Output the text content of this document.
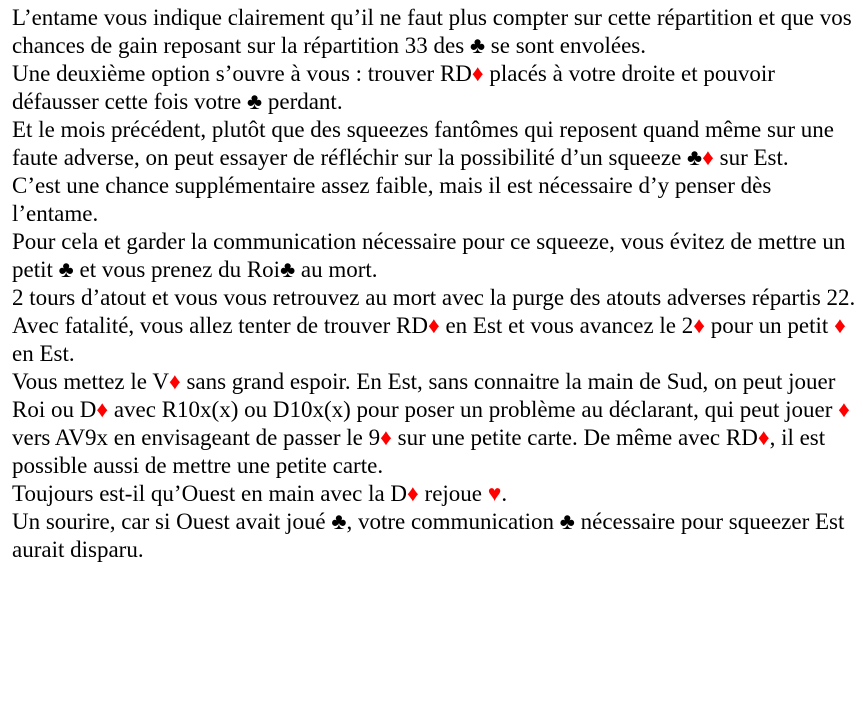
L’entame vous indique clairement qu’il ne faut plus compter sur cette répartition et que vos chances de gain reposant sur la répartition 33 des ♣ se sont envolées.

Une deuxième option s’ouvre à vous : trouver RD♦ placés à votre droite et pouvoir défausser cette fois votre ♣ perdant.

Et le mois précédent, plutôt que des squeezes fantômes qui reposent quand même sur une faute adverse, on peut essayer de réfléchir sur la possibilité d’un squeeze ♣♦ sur Est.

C’est une chance supplémentaire assez faible, mais il est nécessaire d’y penser dès l’entame.

Pour cela et garder la communication nécessaire pour ce squeeze, vous évitez de mettre un petit ♣ et vous prenez du Roi♣ au mort.

2 tours d’atout et vous vous retrouvez au mort avec la purge des atouts adverses répartis 22.

Avec fatalité, vous allez tenter de trouver RD♦ en Est et vous avancez le 2♦ pour un petit ♦ en Est.

Vous mettez le V♦ sans grand espoir. En Est, sans connaitre la main de Sud, on peut jouer Roi ou D♦ avec R10x(x) ou D10x(x) pour poser un problème au déclarant, qui peut jouer ♦ vers AV9x en envisageant de passer le 9♦ sur une petite carte. De même avec RD♦, il est possible aussi de mettre une petite carte.

Toujours est-il qu’Ouest en main avec la D♦ rejoue ♥.

Un sourire, car si Ouest avait joué ♣, votre communication ♣ nécessaire pour squeezer Est aurait disparu.
